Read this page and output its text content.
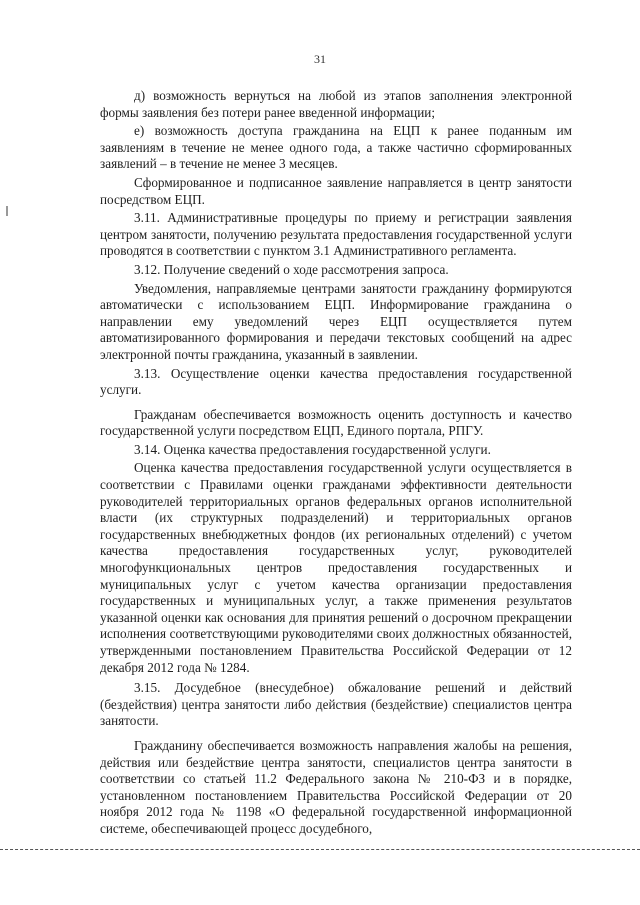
31

д) возможность вернуться на любой из этапов заполнения электронной формы заявления без потери ранее введенной информации;

е) возможность доступа гражданина на ЕЦП к ранее поданным им заявлениям в течение не менее одного года, а также частично сформированных заявлений – в течение не менее 3 месяцев.

Сформированное и подписанное заявление направляется в центр занятости посредством ЕЦП.

3.11. Административные процедуры по приему и регистрации заявления центром занятости, получению результата предоставления государственной услуги проводятся в соответствии с пунктом 3.1 Административного регламента.

3.12. Получение сведений о ходе рассмотрения запроса.

Уведомления, направляемые центрами занятости гражданину формируются автоматически с использованием ЕЦП. Информирование гражданина о направлении ему уведомлений через ЕЦП осуществляется путем автоматизированного формирования и передачи текстовых сообщений на адрес электронной почты гражданина, указанный в заявлении.

3.13. Осуществление оценки качества предоставления государственной услуги.

Гражданам обеспечивается возможность оценить доступность и качество государственной услуги посредством ЕЦП, Единого портала, РПГУ.

3.14. Оценка качества предоставления государственной услуги.

Оценка качества предоставления государственной услуги осуществляется в соответствии с Правилами оценки гражданами эффективности деятельности руководителей территориальных органов федеральных органов исполнительной власти (их структурных подразделений) и территориальных органов государственных внебюджетных фондов (их региональных отделений) с учетом качества предоставления государственных услуг, руководителей многофункциональных центров предоставления государственных и муниципальных услуг с учетом качества организации предоставления государственных и муниципальных услуг, а также применения результатов указанной оценки как основания для принятия решений о досрочном прекращении исполнения соответствующими руководителями своих должностных обязанностей, утвержденными постановлением Правительства Российской Федерации от 12 декабря 2012 года № 1284.

3.15. Досудебное (внесудебное) обжалование решений и действий (бездействия) центра занятости либо действия (бездействие) специалистов центра занятости.

Гражданину обеспечивается возможность направления жалобы на решения, действия или бездействие центра занятости, специалистов центра занятости в соответствии со статьей 11.2 Федерального закона № 210-ФЗ и в порядке, установленном постановлением Правительства Российской Федерации от 20 ноября 2012 года № 1198 «О федеральной государственной информационной системе, обеспечивающей процесс досудебного,
